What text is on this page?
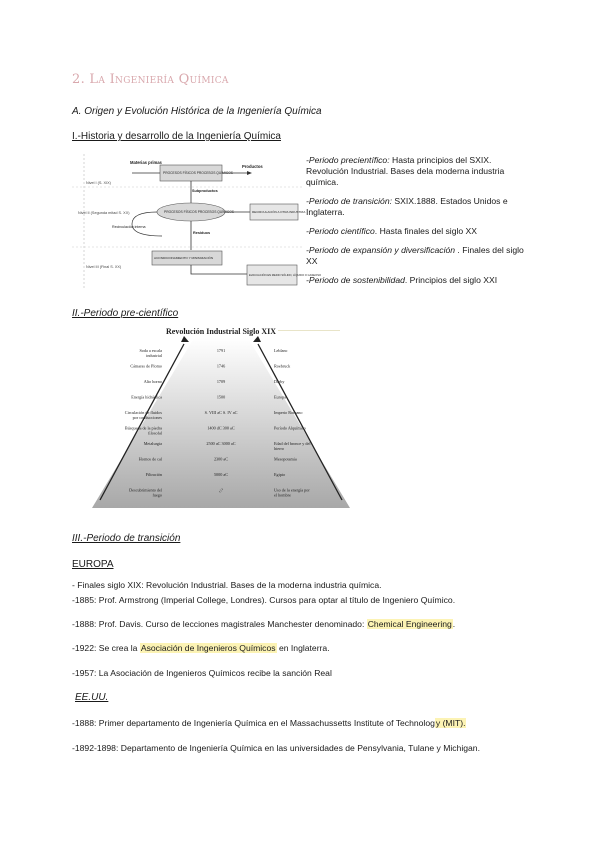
2. La Ingeniería Química
A. Origen y Evolución Histórica de la Ingeniería Química
I.-Historia y desarrollo de la Ingeniería Química
Nivel I (S. XIX)
Nivel II (Segunda mitad S. XX)
Nivel III (Final S. XX)
Materias primas
Productos
PROCESOS FÍSICOS PROCESOS QUÍMICOS
Subproductos
PROCESOS FÍSICOS PROCESOS QUÍMICOS	RECIRCULACIÓN A OTRA INDUSTRIA
Recirculación interna
Residuos
ACONDICIONAMIENTO Y MINIMIZACIÓN
EVACUACIÓN EN MEDIO SÓLIDO, LÍQUIDO O GASEOSO

-Periodo precientífico: Hasta principios del SXIX. Revolución Industrial. Bases dela moderna industria química.

-Periodo de transición: SXIX.1888. Estados Unidos e Inglaterra.

-Periodo científico. Hasta finales del siglo XX

-Periodo de expansión y diversificación . Finales del siglo XX

-Periodo de sostenibilidad. Principios del siglo XXI

II.-Periodo pre-científico
Revolución Industrial Siglo XIX
Soda a escala industrial
Cámaras de Plomo
Alto horno
Energía hidráulica
Circulación de fluidos por conducciones
Búsqueda de la piedra filosofal
Metalurgia
Hornos de cal
Filtración
Descubrimiento del fuego
1791
1746
1709
1500
S. VIII aC S. IV aC
1400 dC 300 aC
2500 aC 3000 aC
2300 aC
5000 aC
¿?
Leblanc
Roebruck
Darby
Europa
Imperio Romano
Período Alquímico
Edad del bronce y del hierro
Mesopotamia
Egipto
Uso de la energía por el hombre
III.-Periodo de transición
EUROPA
- Finales siglo XIX: Revolución Industrial. Bases de la moderna industria química.
-1885: Prof. Armstrong (Imperial College, Londres). Cursos para optar al título de Ingeniero Químico.
-1888: Prof. Davis. Curso de lecciones magistrales Manchester denominado: Chemical Engineering.
-1922: Se crea la Asociación de Ingenieros Químicos en Inglaterra.
-1957: La Asociación de Ingenieros Químicos recibe la sanción Real
EE.UU.
-1888: Primer departamento de Ingeniería Química en el Massachussetts Institute of Technology (MIT).
-1892-1898: Departamento de Ingeniería Química en las universidades de Pensylvania, Tulane y Michigan.
